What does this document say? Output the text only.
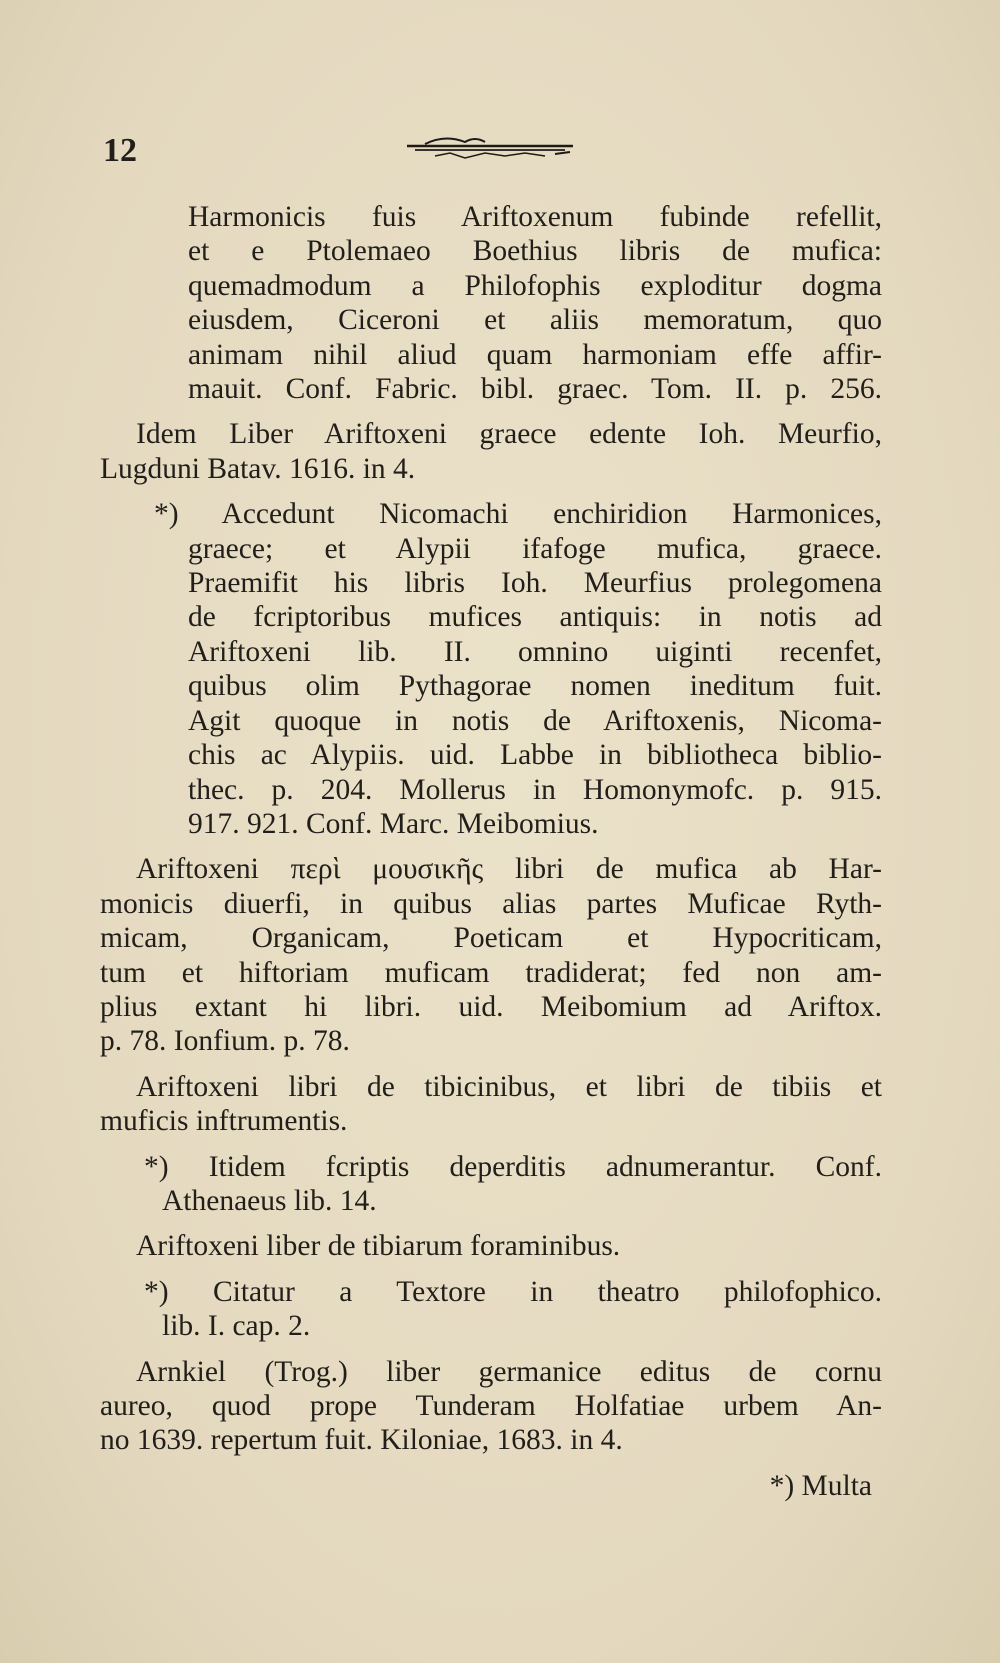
12
Harmonicis fuis Ariftoxenum fubinde refellit,
et e Ptolemaeo Boethius libris de mufica:
quemadmodum a Philofophis exploditur dogma
eiusdem, Ciceroni et aliis memoratum, quo
animam nihil aliud quam harmoniam effe affir-
mauit. Conf. Fabric. bibl. graec. Tom. II. p. 256.
Idem Liber Ariftoxeni graece edente Ioh. Meurfio,
Lugduni Batav. 1616. in 4.
*) Accedunt Nicomachi enchiridion Harmonices,
graece; et Alypii ifafoge mufica, graece.
Praemifit his libris Ioh. Meurfius prolegomena
de fcriptoribus mufices antiquis: in notis ad
Ariftoxeni lib. II. omnino uiginti recenfet,
quibus olim Pythagorae nomen ineditum fuit.
Agit quoque in notis de Ariftoxenis, Nicoma-
chis ac Alypiis. uid. Labbe in bibliotheca biblio-
thec. p. 204. Mollerus in Homonymofc. p. 915.
917. 921. Conf. Marc. Meibomius.
Ariftoxeni περὶ μουσικῆς libri de mufica ab Har-
monicis diuerfi, in quibus alias partes Muficae Ryth-
micam, Organicam, Poeticam et Hypocriticam,
tum et hiftoriam muficam tradiderat; fed non am-
plius extant hi libri. uid. Meibomium ad Ariftox.
p. 78. Ionfium. p. 78.
Ariftoxeni libri de tibicinibus, et libri de tibiis et
muficis inftrumentis.
*) Itidem fcriptis deperditis adnumerantur. Conf.
Athenaeus lib. 14.
Ariftoxeni liber de tibiarum foraminibus.
*) Citatur a Textore in theatro philofophico.
lib. I. cap. 2.
Arnkiel (Trog.) liber germanice editus de cornu
aureo, quod prope Tunderam Holfatiae urbem An-
no 1639. repertum fuit. Kiloniae, 1683. in 4.
*) Multa
